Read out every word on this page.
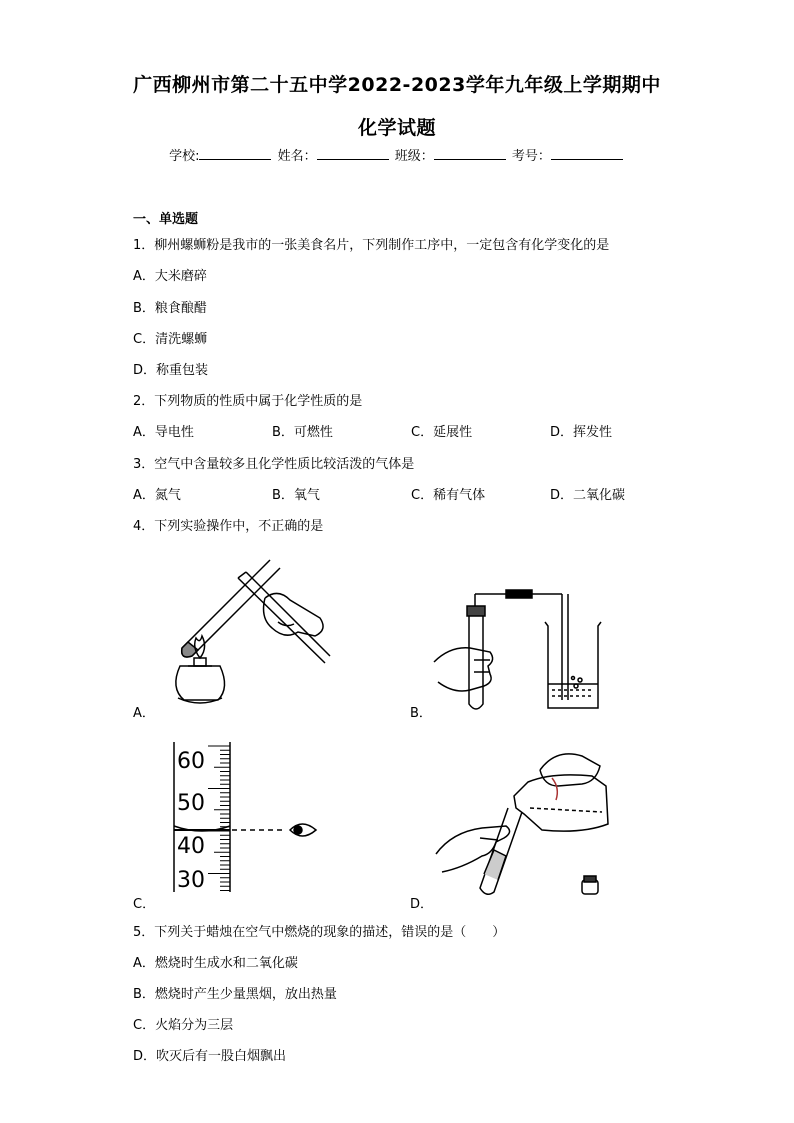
广西柳州市第二十五中学2022-2023学年九年级上学期期中
化学试题
学校:	姓名：	班级：	考号：
一、单选题
1．柳州螺蛳粉是我市的一张美食名片，下列制作工序中，一定包含有化学变化的是
A．大米磨碎
B．粮食酿醋
C．清洗螺蛳
D．称重包装
2．下列物质的性质中属于化学性质的是
A．导电性	B．可燃性	C．延展性	D．挥发性
3．空气中含量较多且化学性质比较活泼的气体是
A．氮气	B．氧气	C．稀有气体	D．二氧化碳
4．下列实验操作中，不正确的是
A．	B．
60
50
40
30
C．	D．
5．下列关于蜡烛在空气中燃烧的现象的描述，错误的是（　　）
A．燃烧时生成水和二氧化碳
B．燃烧时产生少量黑烟，放出热量
C．火焰分为三层
D．吹灭后有一股白烟飘出
